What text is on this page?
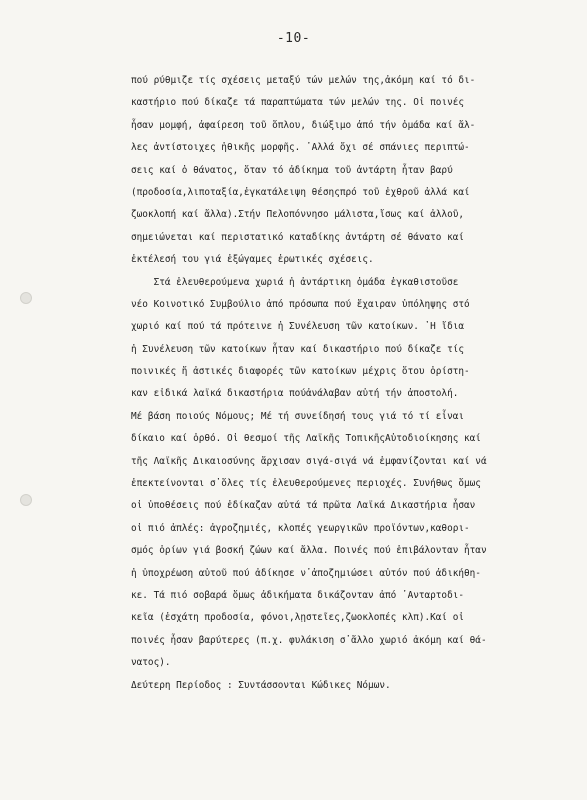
-10-
πού ρύθμιζε τίς σχέσεις μεταξύ τών μελών της,ἀκόμη καί τό δι-
καστήριο πού δίκαζε τά παραπτώματα τών μελών της. Οἱ ποινές
ἦσαν μομφή, ἀφαίρεση τοῦ ὅπλου, διώξιμο ἀπό τήν ὁμάδα καί ἄλ-
λες ἀντίστοιχες ἠθικῆς μορφῆς. ᾽Αλλά ὄχι σέ σπάνιες περιπτώ-
σεις καί ὁ θάνατος, ὅταν τό ἀδίκημα τοῦ ἀντάρτη ἦταν βαρύ
(προδοσία,λιποταξία,ἐγκατάλειψη θέσηςπρό τοῦ ἐχθροῦ ἀλλά καί
ζωοκλοπή καί ἄλλα).Στήν Πελοπόννησο μάλιστα,ἴσως καί ἀλλοῦ,
σημειώνεται καί περιστατικό καταδίκης ἀντάρτη σέ θάνατο καί
ἐκτέλεσή του γιά ἐξώγαμες ἐρωτικές σχέσεις.
Στά ἐλευθερούμενα χωριά ἡ ἀντάρτικη ὁμάδα ἐγκαθιστοῦσε
νέο Κοινοτικό Συμβούλιο ἀπό πρόσωπα πού ἔχαιραν ὑπόληψης στό
χωριό καί πού τά πρότεινε ἡ Συνέλευση τῶν κατοίκων. ῾Η ἴδια
ἡ Συνέλευση τῶν κατοίκων ἦταν καί δικαστήριο πού δίκαζε τίς
ποινικές ἤ ἀστικές διαφορές τῶν κατοίκων μέχρις ὅτου ὁρίστη-
καν εἰδικά λαϊκά δικαστήρια πούἀνάλαβαν αὐτή τήν ἀποστολή.
Μέ βάση ποιούς Νόμους; Μέ τή συνείδησή τους γιά τό τί εἶναι
δίκαιο καί ὀρθό. Οἱ θεσμοί τῆς Λαϊκῆς ΤοπικῆςΑὐτοδιοίκησης καί
τῆς Λαϊκῆς Δικαιοσύνης ἄρχισαν σιγά-σιγά νά ἐμφανίζονται καί νά
ἐπεκτείνονται σ᾽ὅλες τίς ἐλευθερούμενες περιοχές. Συνήθως ὅμως
οἱ ὑποθέσεις πού ἐδίκαζαν αὐτά τά πρῶτα Λαϊκά Δικαστήρια ἦσαν
οἱ πιό ἁπλές: ἀγροζημιές, κλοπές γεωργικῶν προϊόντων,καθορι-
σμός ὁρίων γιά βοσκή ζώων καί ἄλλα. Ποινές πού ἐπιβάλονταν ἦταν
ἡ ὑποχρέωση αὐτοῦ πού ἀδίκησε ν᾽ἀποζημιώσει αὐτόν πού ἀδικήθη-
κε. Τά πιό σοβαρά ὅμως ἀδικήματα δικάζονταν ἀπό ᾽Ανταρτοδι-
κεῖα (ἐσχάτη προδοσία, φόνοι,λῃστεῖες,ζωοκλοπές κλπ).Καί οἱ
ποινές ἦσαν βαρύτερες (π.χ. φυλάκιση σ᾽ἄλλο χωριό ἀκόμη καί θά-
νατος).
Δεύτερη Περίοδος : Συντάσσονται Κώδικες Νόμων.
